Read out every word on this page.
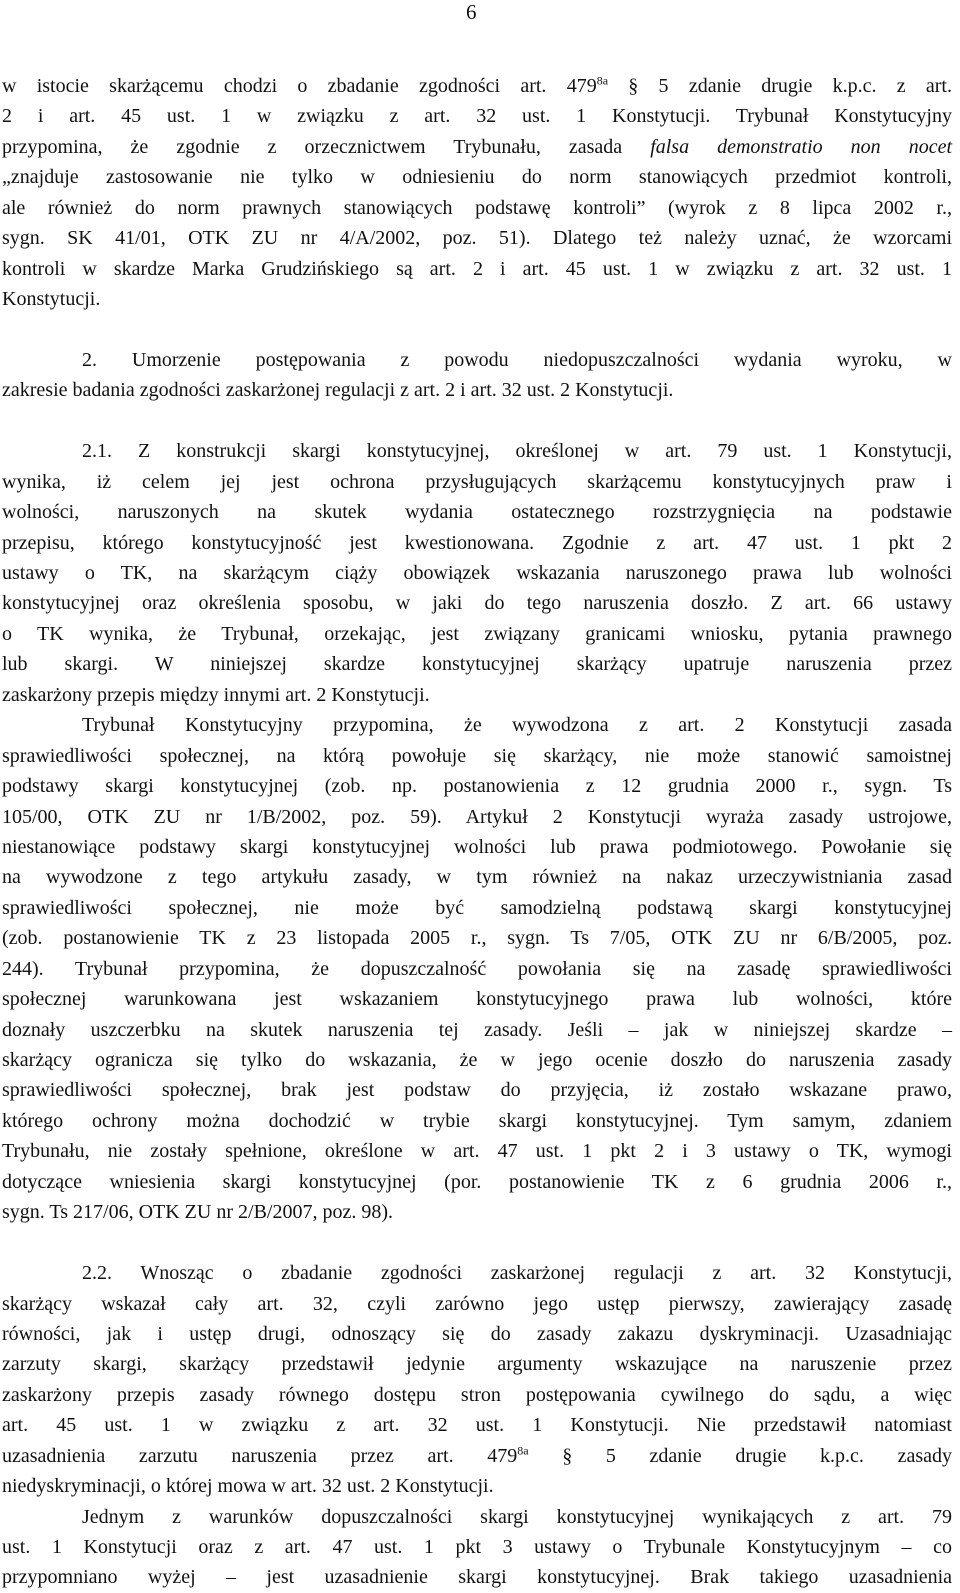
6
w istocie skarżącemu chodzi o zbadanie zgodności art. $479^{8a}$ § 5 zdanie drugie k.p.c. z art.
2 i art. 45 ust. 1 w związku z art. 32 ust. 1 Konstytucji. Trybunał Konstytucyjny
przypomina, że zgodnie z orzecznictwem Trybunału, zasada falsa demonstratio non nocet
„znajduje zastosowanie nie tylko w odniesieniu do norm stanowiących przedmiot kontroli,
ale również do norm prawnych stanowiących podstawę kontroli” (wyrok z 8 lipca 2002 r.,
sygn. SK 41/01, OTK ZU nr 4/A/2002, poz. 51). Dlatego też należy uznać, że wzorcami
kontroli w skardze Marka Grudzińskiego są art. 2 i art. 45 ust. 1 w związku z art. 32 ust. 1
Konstytucji.
2. Umorzenie postępowania z powodu niedopuszczalności wydania wyroku, w
zakresie badania zgodności zaskarżonej regulacji z art. 2 i art. 32 ust. 2 Konstytucji.
2.1. Z konstrukcji skargi konstytucyjnej, określonej w art. 79 ust. 1 Konstytucji,
wynika, iż celem jej jest ochrona przysługujących skarżącemu konstytucyjnych praw i
wolności, naruszonych na skutek wydania ostatecznego rozstrzygnięcia na podstawie
przepisu, którego konstytucyjność jest kwestionowana. Zgodnie z art. 47 ust. 1 pkt 2
ustawy o TK, na skarżącym ciąży obowiązek wskazania naruszonego prawa lub wolności
konstytucyjnej oraz określenia sposobu, w jaki do tego naruszenia doszło. Z art. 66 ustawy
o TK wynika, że Trybunał, orzekając, jest związany granicami wniosku, pytania prawnego
lub skargi. W niniejszej skardze konstytucyjnej skarżący upatruje naruszenia przez
zaskarżony przepis między innymi art. 2 Konstytucji.
Trybunał Konstytucyjny przypomina, że wywodzona z art. 2 Konstytucji zasada
sprawiedliwości społecznej, na którą powołuje się skarżący, nie może stanowić samoistnej
podstawy skargi konstytucyjnej (zob. np. postanowienia z 12 grudnia 2000 r., sygn. Ts
105/00, OTK ZU nr 1/B/2002, poz. 59). Artykuł 2 Konstytucji wyraża zasady ustrojowe,
niestanowiące podstawy skargi konstytucyjnej wolności lub prawa podmiotowego. Powołanie się
na wywodzone z tego artykułu zasady, w tym również na nakaz urzeczywistniania zasad
sprawiedliwości społecznej, nie może być samodzielną podstawą skargi konstytucyjnej
(zob. postanowienie TK z 23 listopada 2005 r., sygn. Ts 7/05, OTK ZU nr 6/B/2005, poz.
244). Trybunał przypomina, że dopuszczalność powołania się na zasadę sprawiedliwości
społecznej warunkowana jest wskazaniem konstytucyjnego prawa lub wolności, które
doznały uszczerbku na skutek naruszenia tej zasady. Jeśli – jak w niniejszej skardze –
skarżący ogranicza się tylko do wskazania, że w jego ocenie doszło do naruszenia zasady
sprawiedliwości społecznej, brak jest podstaw do przyjęcia, iż zostało wskazane prawo,
którego ochrony można dochodzić w trybie skargi konstytucyjnej. Tym samym, zdaniem
Trybunału, nie zostały spełnione, określone w art. 47 ust. 1 pkt 2 i 3 ustawy o TK, wymogi
dotyczące wniesienia skargi konstytucyjnej (por. postanowienie TK z 6 grudnia 2006 r.,
sygn. Ts 217/06, OTK ZU nr 2/B/2007, poz. 98).
2.2. Wnosząc o zbadanie zgodności zaskarżonej regulacji z art. 32 Konstytucji,
skarżący wskazał cały art. 32, czyli zarówno jego ustęp pierwszy, zawierający zasadę
równości, jak i ustęp drugi, odnoszący się do zasady zakazu dyskryminacji. Uzasadniając
zarzuty skargi, skarżący przedstawił jedynie argumenty wskazujące na naruszenie przez
zaskarżony przepis zasady równego dostępu stron postępowania cywilnego do sądu, a więc
art. 45 ust. 1 w związku z art. 32 ust. 1 Konstytucji. Nie przedstawił natomiast
uzasadnienia zarzutu naruszenia przez art. $479^{8a}$ § 5 zdanie drugie k.p.c. zasady
niedyskryminacji, o której mowa w art. 32 ust. 2 Konstytucji.
Jednym z warunków dopuszczalności skargi konstytucyjnej wynikających z art. 79
ust. 1 Konstytucji oraz z art. 47 ust. 1 pkt 3 ustawy o Trybunale Konstytucyjnym – co
przypomniano wyżej – jest uzasadnienie skargi konstytucyjnej. Brak takiego uzasadnienia
